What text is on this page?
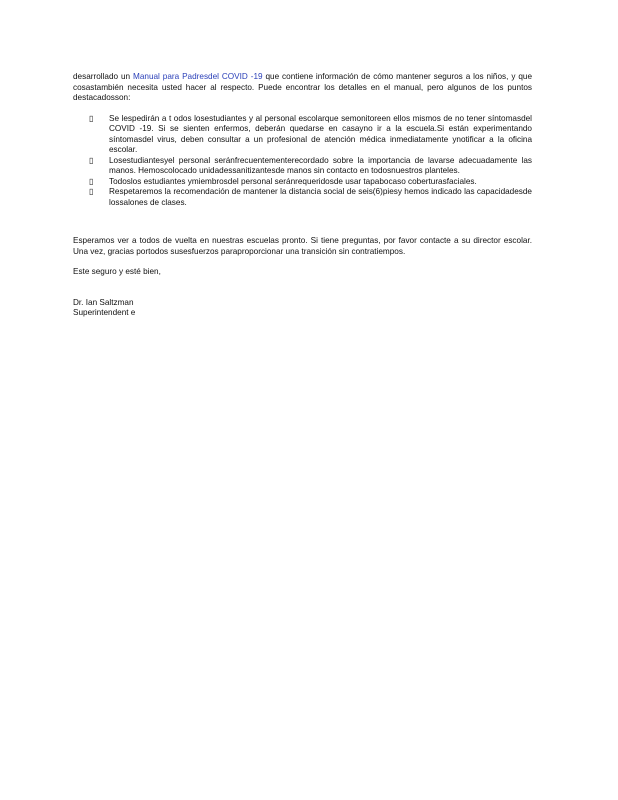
desarrollado un Manual para Padresdel COVID -19 que contiene información de cómo mantener seguros a los niños, y que cosastambién necesita usted hacer al respecto. Puede encontrar los detalles en el manual, pero algunos de los puntos destacadosson:

▯ Se lespedirán a t odos losestudiantes y al personal escolarque semonitoreen ellos mismos de no tener síntomasdel COVID -19. Si se sienten enfermos, deberán quedarse en casayno ir a la escuela.Si están experimentando síntomasdel virus, deben consultar a un profesional de atención médica inmediatamente ynotificar a la oficina escolar.
▯ Losestudiantesyel personal seránfrecuentementerecordado sobre la importancia de lavarse adecuadamente las manos. Hemoscolocado unidadessanitizantesde manos sin contacto en todosnuestros planteles.
▯ Todoslos estudiantes ymiembrosdel personal seránrequeridosde usar tapabocaso coberturasfaciales.
▯ Respetaremos la recomendación de mantener la distancia social de seis(6)piesy hemos indicado las capacidadesde lossalones de clases.

Esperamos ver a todos de vuelta en nuestras escuelas pronto. Si tiene preguntas, por favor contacte a su director escolar. Una vez, gracias portodos susesfuerzos paraproporcionar una transición sin contratiempos.

Este seguro y esté bien,

Dr. Ian Saltzman

Superintendent e
